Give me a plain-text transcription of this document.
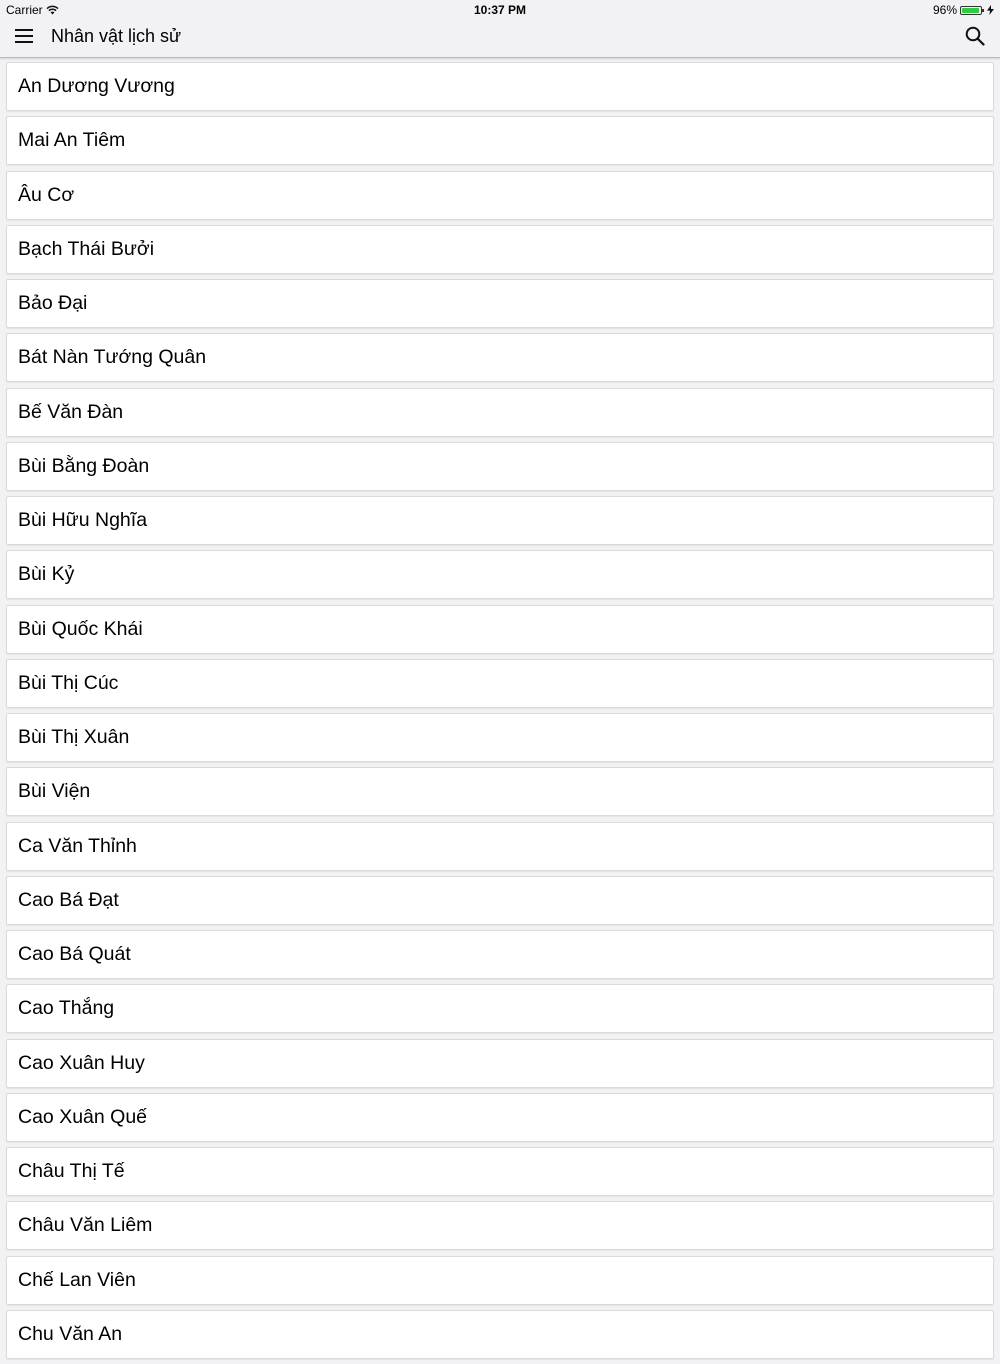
Carrier	10:37 PM	96%
Nhân vật lịch sử
An Dương Vương
Mai An Tiêm
Âu Cơ
Bạch Thái Bưởi
Bảo Đại
Bát Nàn Tướng Quân
Bế Văn Đàn
Bùi Bằng Đoàn
Bùi Hữu Nghĩa
Bùi Kỷ
Bùi Quốc Khái
Bùi Thị Cúc
Bùi Thị Xuân
Bùi Viện
Ca Văn Thỉnh
Cao Bá Đạt
Cao Bá Quát
Cao Thắng
Cao Xuân Huy
Cao Xuân Quế
Châu Thị Tế
Châu Văn Liêm
Chế Lan Viên
Chu Văn An
